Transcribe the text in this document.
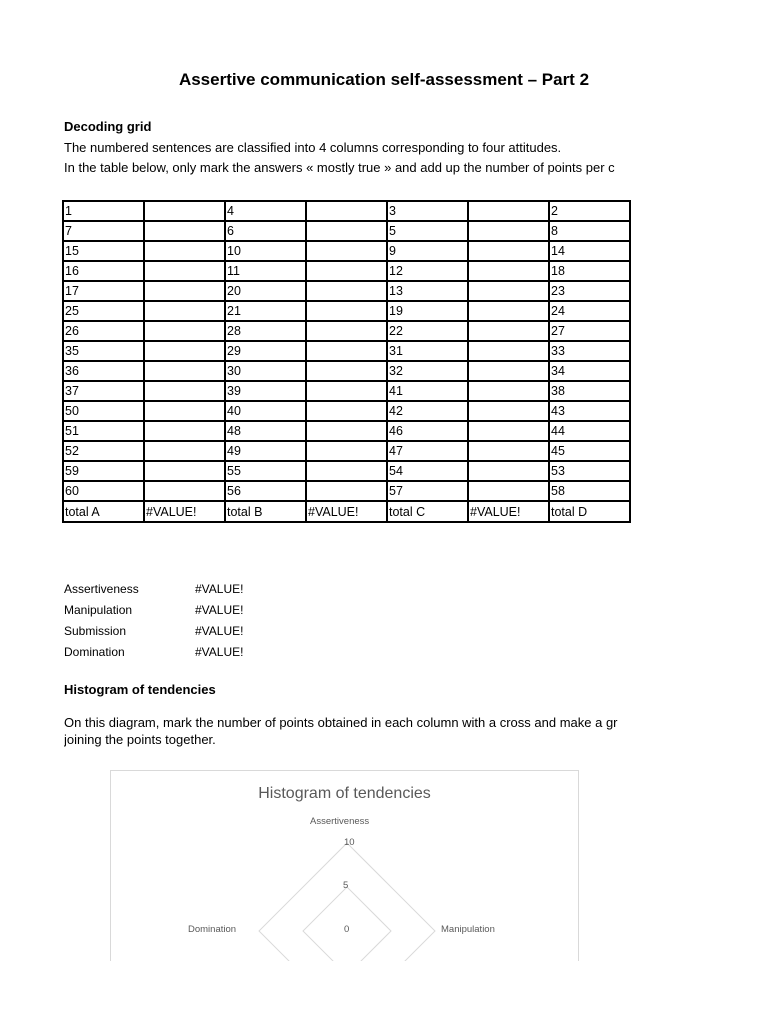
Assertive communication self-assessment – Part 2
Decoding grid
The numbered sentences are classified into 4 columns corresponding to four attitudes.
In the table below, only mark the answers « mostly true » and add up the number of points per c
1		4		3		2
7		6		5		8
15		10		9		14
16		11		12		18
17		20		13		23
25		21		19		24
26		28		22		27
35		29		31		33
36		30		32		34
37		39		41		38
50		40		42		43
51		48		46		44
52		49		47		45
59		55		54		53
60		56		57		58
total A	#VALUE!	total B	#VALUE!	total C	#VALUE!	total D
Assertiveness	#VALUE!
Manipulation	#VALUE!
Submission	#VALUE!
Domination	#VALUE!
Histogram of tendencies
On this diagram, mark the number of points obtained in each column with a cross and make a gr
joining the points together.
Histogram of tendencies
Assertiveness
Manipulation
Domination
10
5
0
